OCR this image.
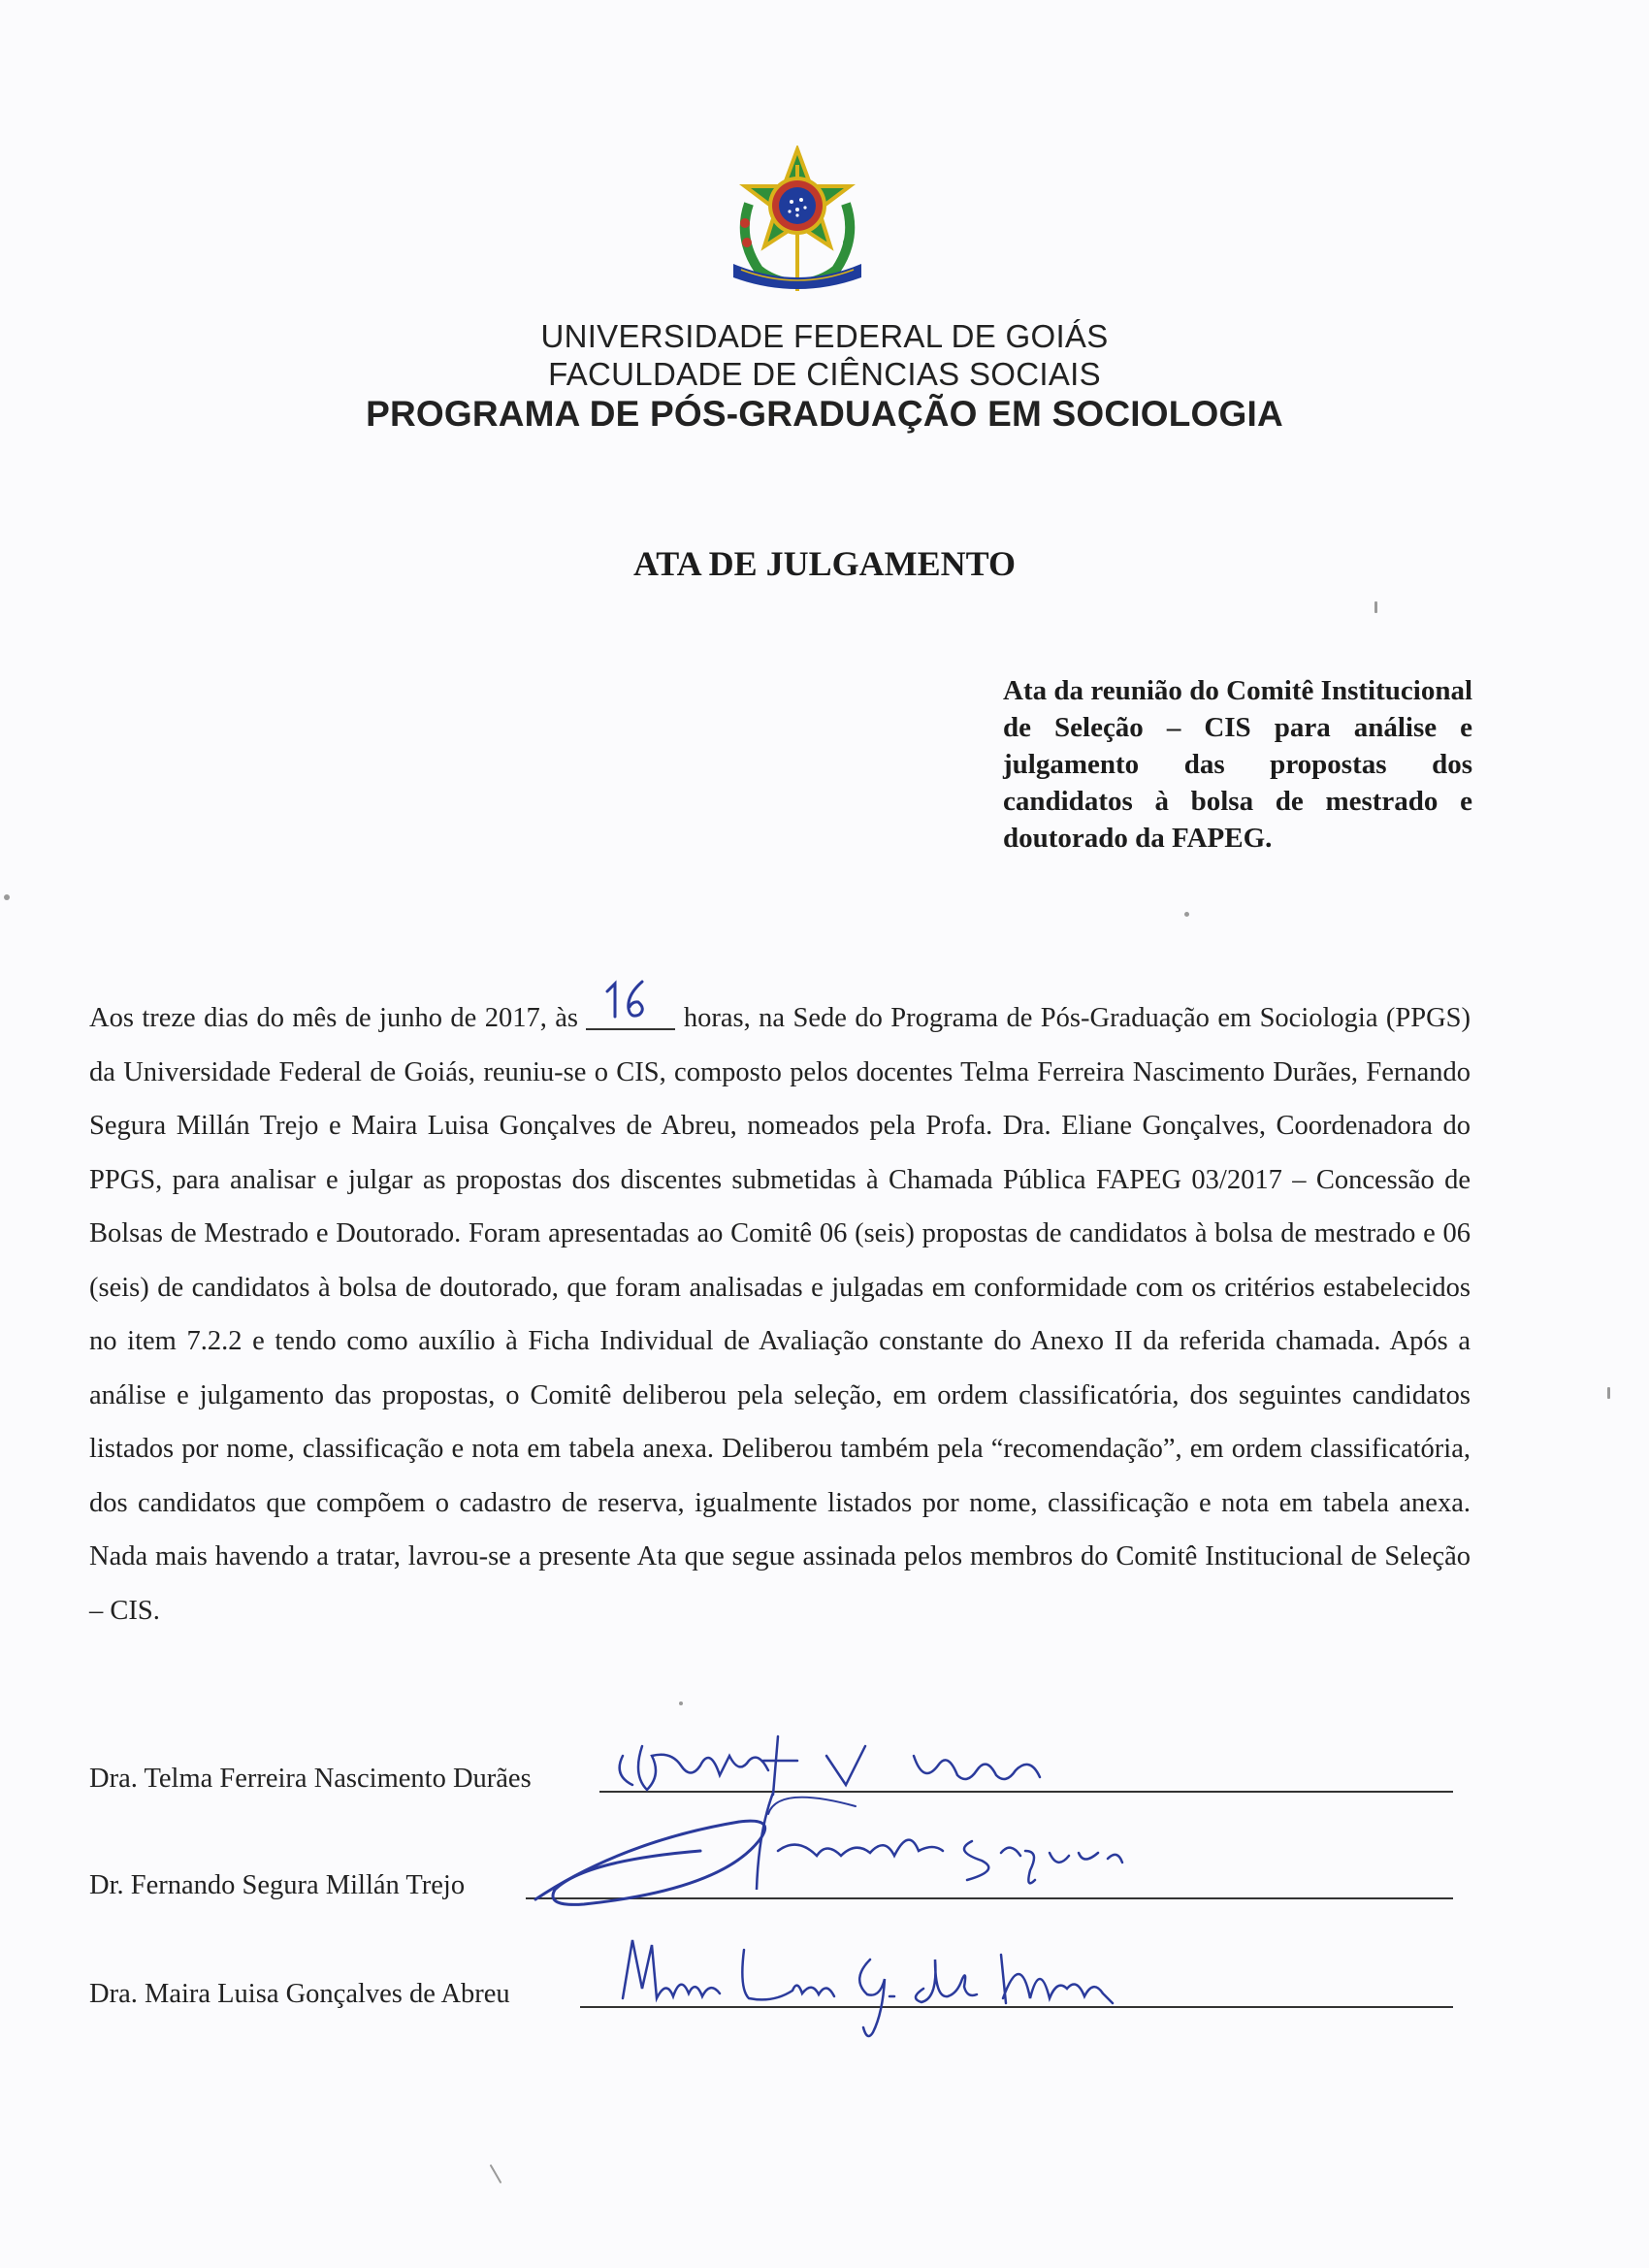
UNIVERSIDADE FEDERAL DE GOIÁS
FACULDADE DE CIÊNCIAS SOCIAIS
PROGRAMA DE PÓS-GRADUAÇÃO EM SOCIOLOGIA
ATA DE JULGAMENTO
Ata da reunião do Comitê Institucional de Seleção – CIS para análise e julgamento das propostas dos candidatos à bolsa de mestrado e doutorado da FAPEG.
Aos treze dias do mês de junho de 2017, às	horas, na Sede do Programa de Pós-Graduação em Sociologia (PPGS) da Universidade Federal de Goiás, reuniu-se o CIS, composto pelos docentes Telma Ferreira Nascimento Durães, Fernando Segura Millán Trejo e Maira Luisa Gonçalves de Abreu, nomeados pela Profa. Dra. Eliane Gonçalves, Coordenadora do PPGS, para analisar e julgar as propostas dos discentes submetidas à Chamada Pública FAPEG 03/2017 – Concessão de Bolsas de Mestrado e Doutorado. Foram apresentadas ao Comitê 06 (seis) propostas de candidatos à bolsa de mestrado e 06 (seis) de candidatos à bolsa de doutorado, que foram analisadas e julgadas em conformidade com os critérios estabelecidos no item 7.2.2 e tendo como auxílio à Ficha Individual de Avaliação constante do Anexo II da referida chamada. Após a análise e julgamento das propostas, o Comitê deliberou pela seleção, em ordem classificatória, dos seguintes candidatos listados por nome, classificação e nota em tabela anexa. Deliberou também pela “recomendação”, em ordem classificatória, dos candidatos que compõem o cadastro de reserva, igualmente listados por nome, classificação e nota em tabela anexa. Nada mais havendo a tratar, lavrou-se a presente Ata que segue assinada pelos membros do Comitê Institucional de Seleção – CIS.
Dra. Telma Ferreira Nascimento Durães
Dr. Fernando Segura Millán Trejo
Dra. Maira Luisa Gonçalves de Abreu
